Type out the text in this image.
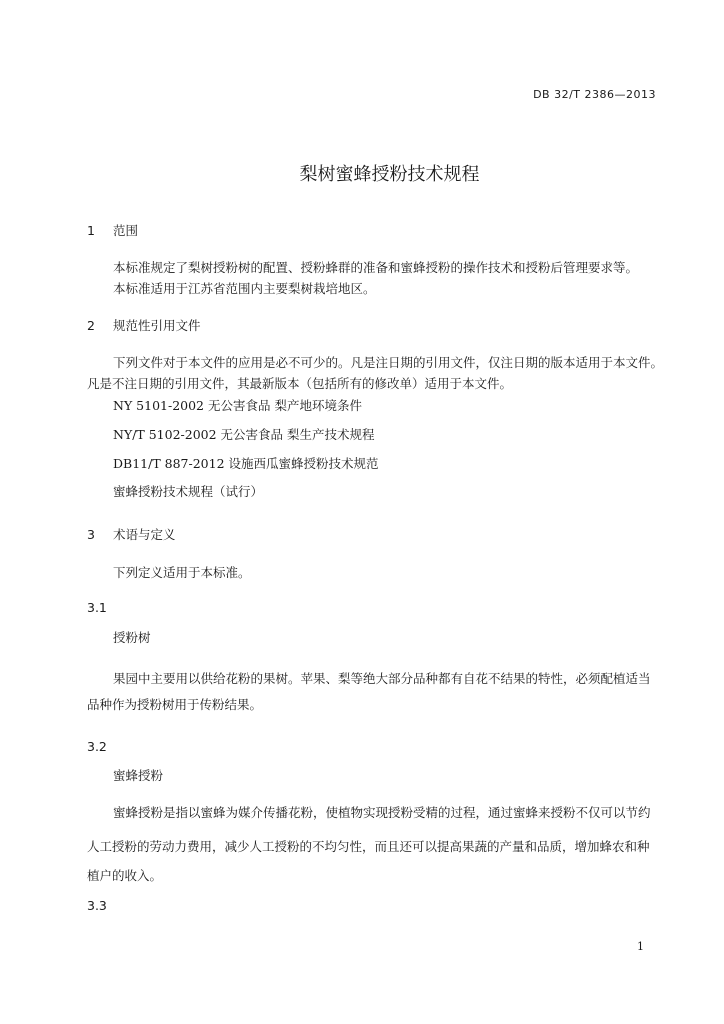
DB 32/T 2386—2013
梨树蜜蜂授粉技术规程
1 范围
本标准规定了梨树授粉树的配置、授粉蜂群的准备和蜜蜂授粉的操作技术和授粉后管理要求等。
本标准适用于江苏省范围内主要梨树栽培地区。
2 规范性引用文件
下列文件对于本文件的应用是必不可少的。凡是注日期的引用文件，仅注日期的版本适用于本文件。
凡是不注日期的引用文件，其最新版本（包括所有的修改单）适用于本文件。
NY 5101-2002 无公害食品 梨产地环境条件
NY/T 5102-2002 无公害食品 梨生产技术规程
DB11/T 887-2012 设施西瓜蜜蜂授粉技术规范
蜜蜂授粉技术规程（试行）
3 术语与定义
下列定义适用于本标准。
3.1
授粉树
果园中主要用以供给花粉的果树。苹果、梨等绝大部分品种都有自花不结果的特性，必须配植适当
品种作为授粉树用于传粉结果。
3.2
蜜蜂授粉
蜜蜂授粉是指以蜜蜂为媒介传播花粉，使植物实现授粉受精的过程，通过蜜蜂来授粉不仅可以节约
人工授粉的劳动力费用，减少人工授粉的不均匀性，而且还可以提高果蔬的产量和品质，增加蜂农和种
植户的收入。
3.3
1
